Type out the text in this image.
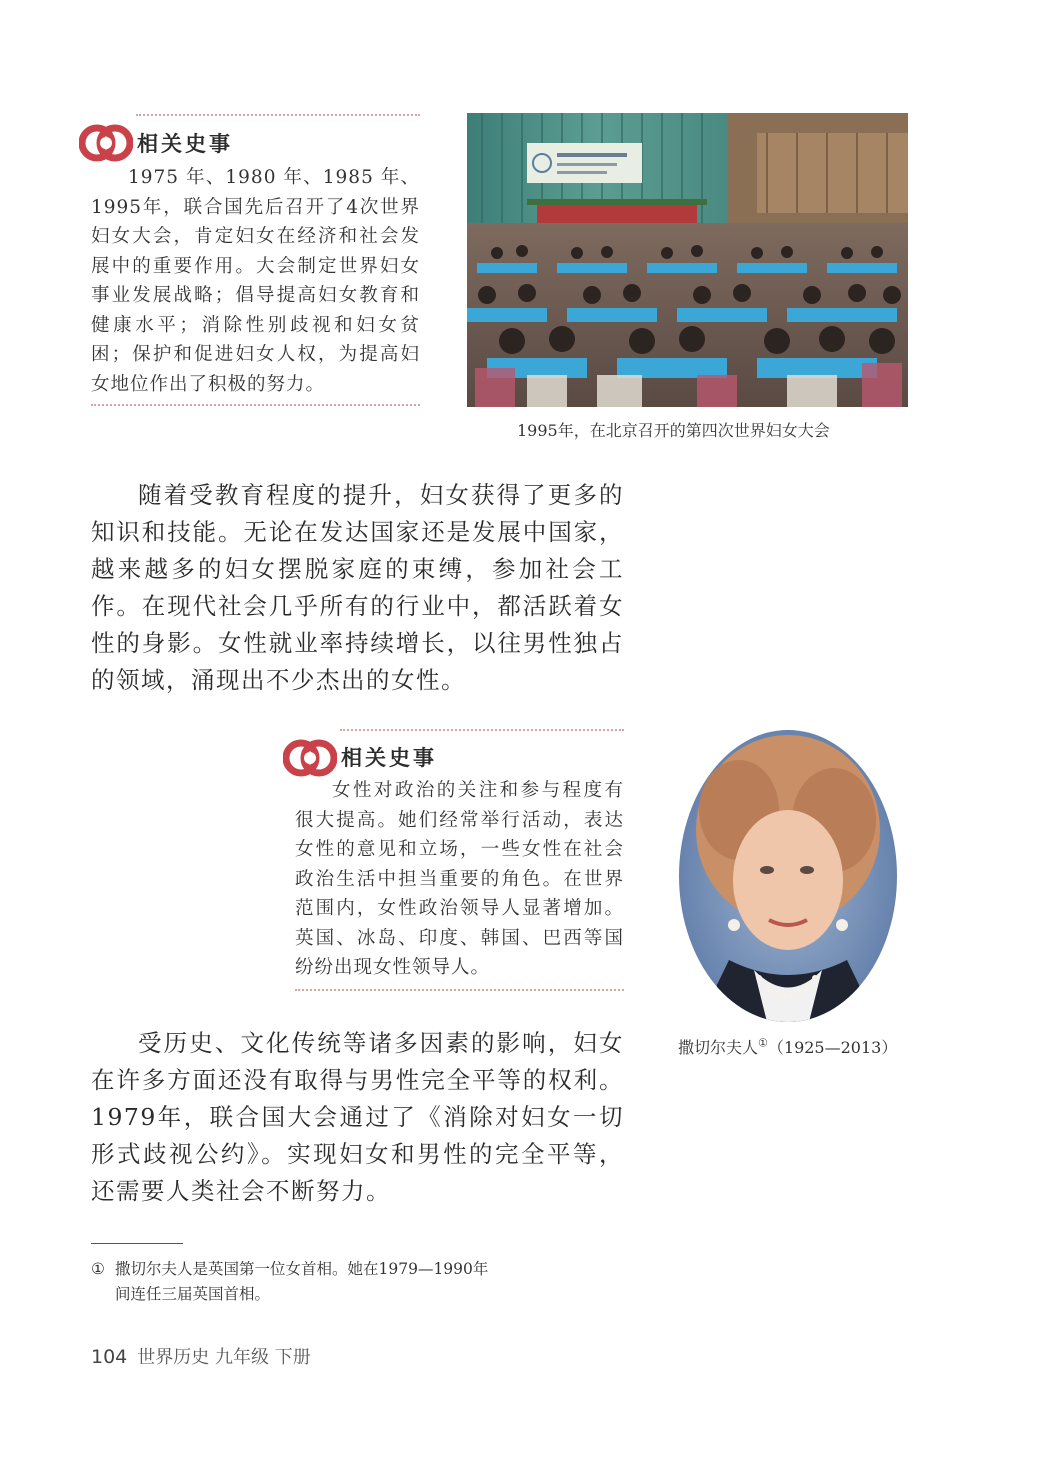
相关史事
1975 年、1980 年、1985 年、1995年，联合国先后召开了4次世界妇女大会，肯定妇女在经济和社会发展中的重要作用。大会制定世界妇女事业发展战略；倡导提高妇女教育和健康水平；消除性别歧视和妇女贫困；保护和促进妇女人权，为提高妇女地位作出了积极的努力。
1995年，在北京召开的第四次世界妇女大会
随着受教育程度的提升，妇女获得了更多的知识和技能。无论在发达国家还是发展中国家，越来越多的妇女摆脱家庭的束缚，参加社会工作。在现代社会几乎所有的行业中，都活跃着女性的身影。女性就业率持续增长，以往男性独占的领域，涌现出不少杰出的女性。
相关史事
女性对政治的关注和参与程度有很大提高。她们经常举行活动，表达女性的意见和立场，一些女性在社会政治生活中担当重要的角色。在世界范围内，女性政治领导人显著增加。英国、冰岛、印度、韩国、巴西等国纷纷出现女性领导人。
撒切尔夫人①（1925—2013）
受历史、文化传统等诸多因素的影响，妇女在许多方面还没有取得与男性完全平等的权利。1979年，联合国大会通过了《消除对妇女一切形式歧视公约》。实现妇女和男性的完全平等，还需要人类社会不断努力。
① 撒切尔夫人是英国第一位女首相。她在1979—1990年
间连任三届英国首相。
104 世界历史 九年级 下册
